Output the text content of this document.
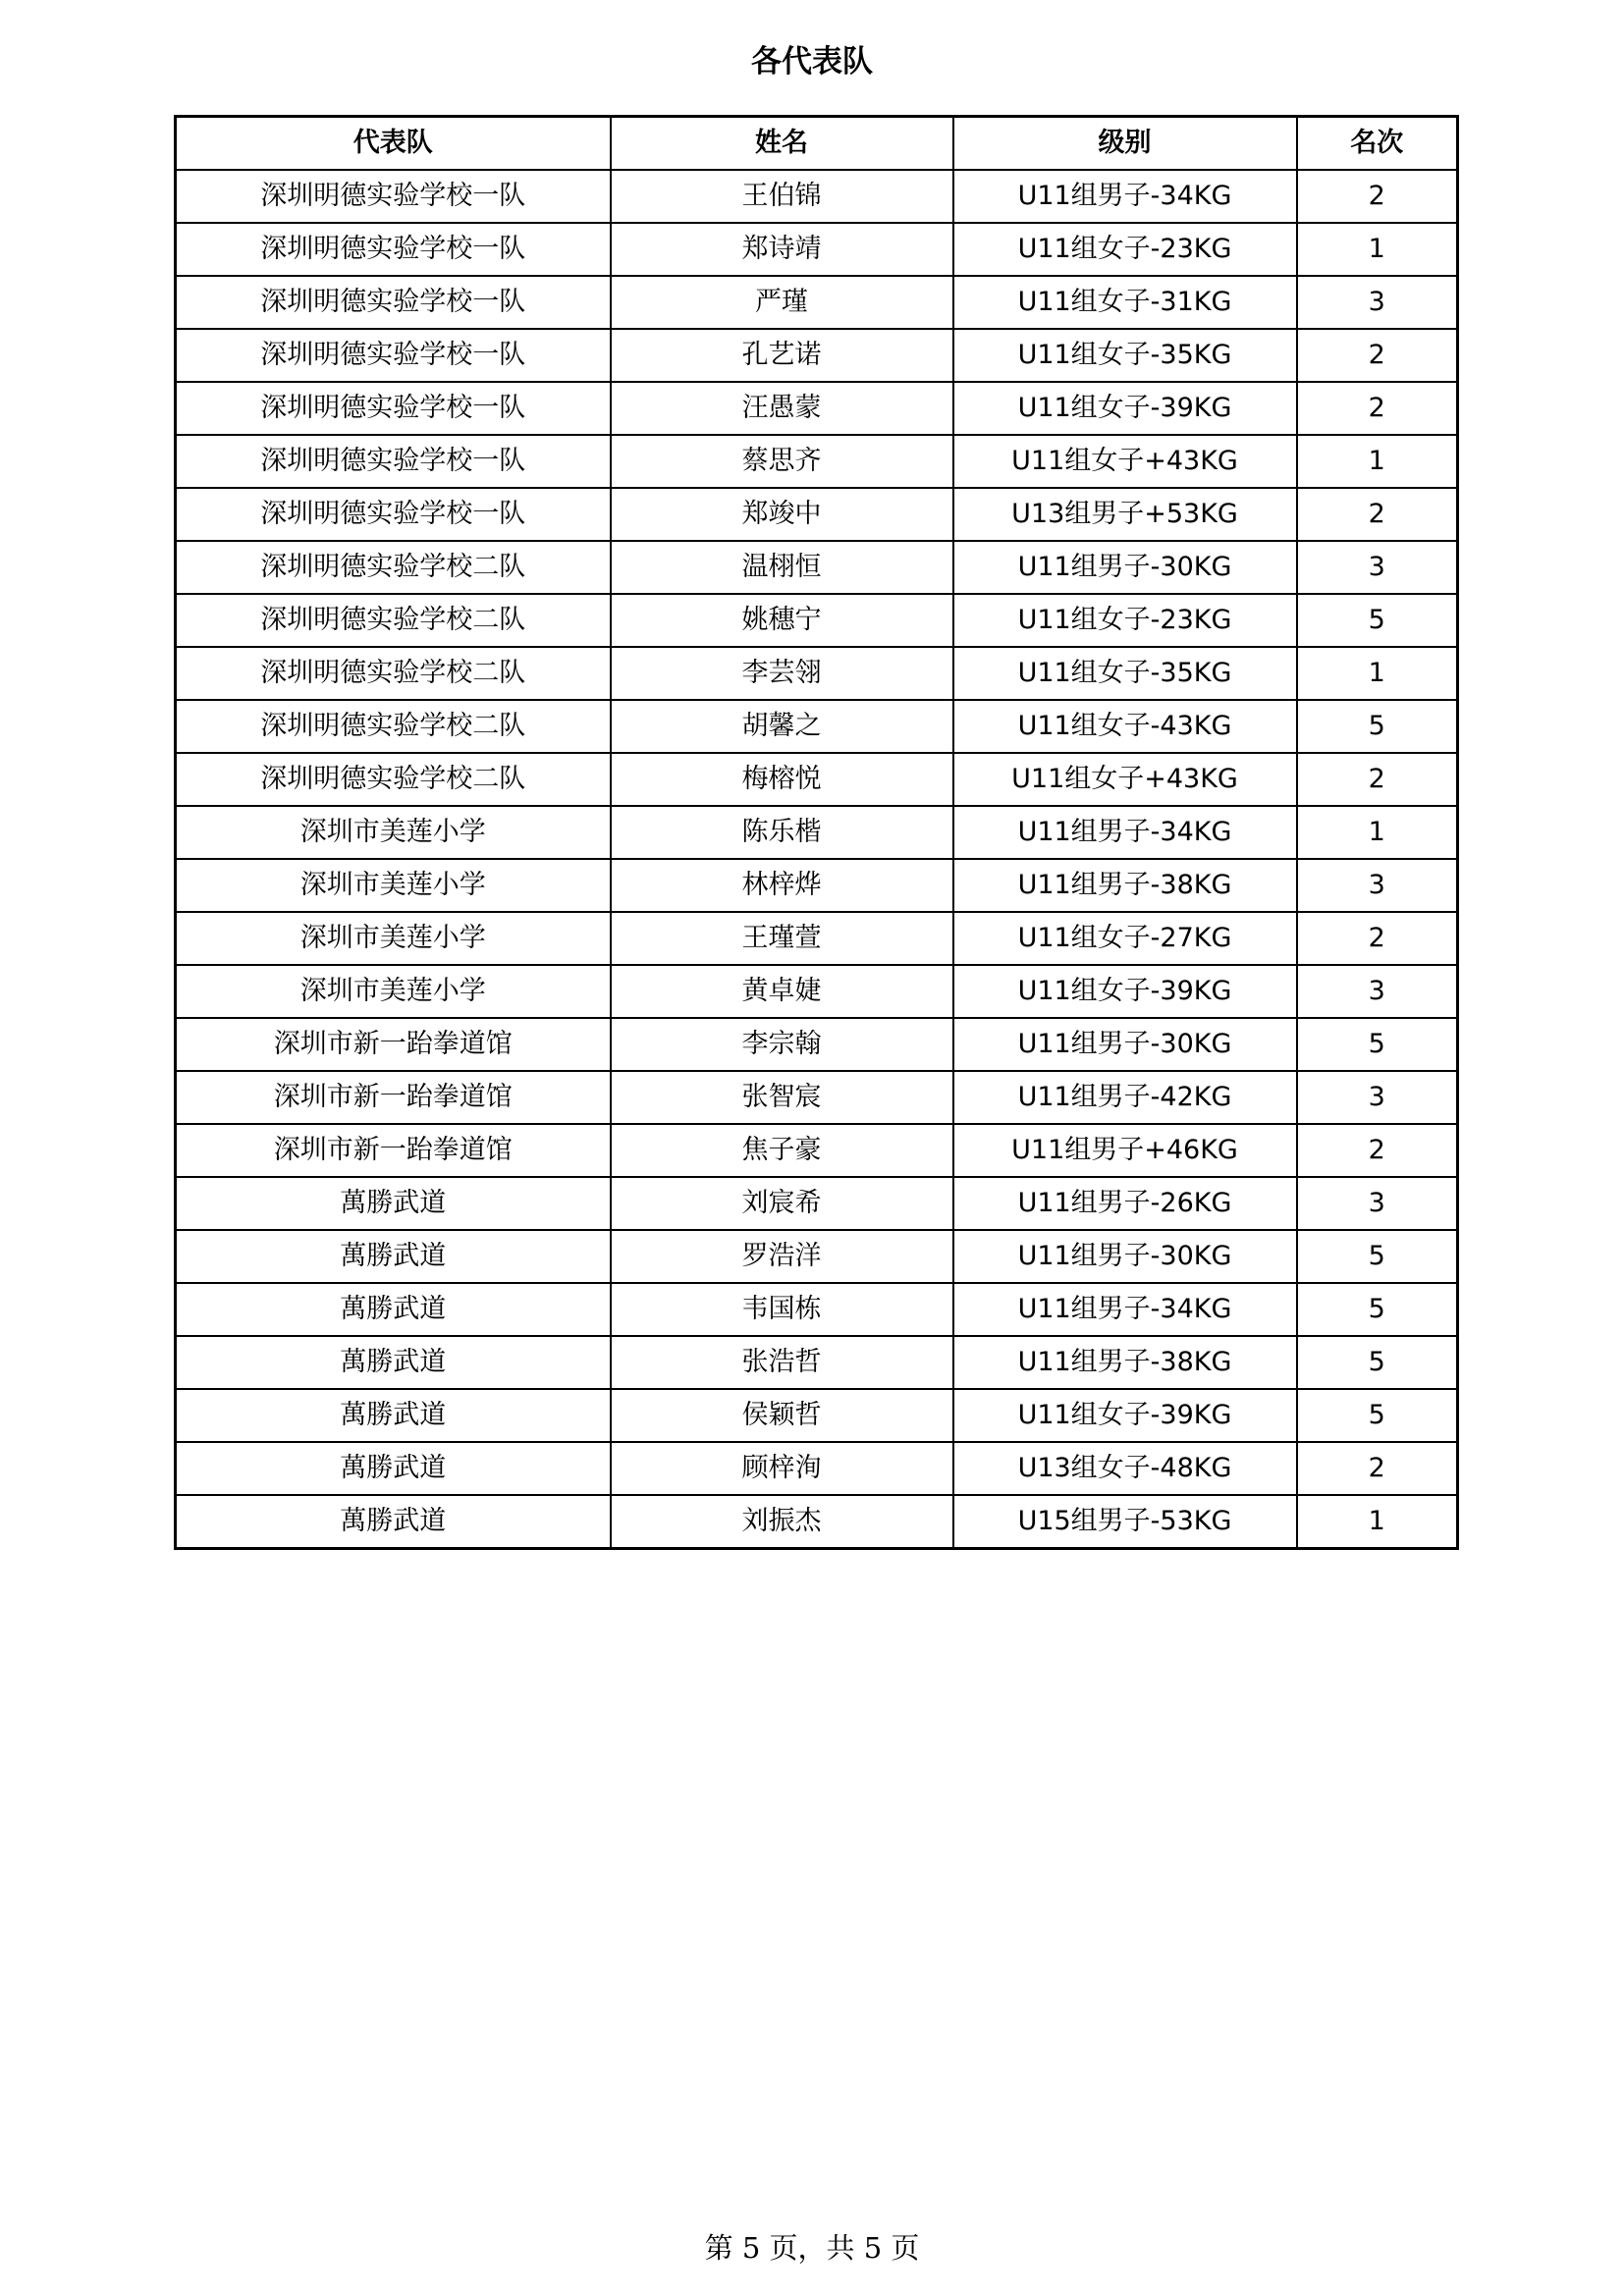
各代表队
代表队	姓名	级别	名次
深圳明德实验学校一队	王伯锦	U11组男子-34KG	2
深圳明德实验学校一队	郑诗靖	U11组女子-23KG	1
深圳明德实验学校一队	严瑾	U11组女子-31KG	3
深圳明德实验学校一队	孔艺诺	U11组女子-35KG	2
深圳明德实验学校一队	汪愚蒙	U11组女子-39KG	2
深圳明德实验学校一队	蔡思齐	U11组女子+43KG	1
深圳明德实验学校一队	郑竣中	U13组男子+53KG	2
深圳明德实验学校二队	温栩恒	U11组男子-30KG	3
深圳明德实验学校二队	姚穗宁	U11组女子-23KG	5
深圳明德实验学校二队	李芸翎	U11组女子-35KG	1
深圳明德实验学校二队	胡馨之	U11组女子-43KG	5
深圳明德实验学校二队	梅榕悦	U11组女子+43KG	2
深圳市美莲小学	陈乐楷	U11组男子-34KG	1
深圳市美莲小学	林梓烨	U11组男子-38KG	3
深圳市美莲小学	王瑾萱	U11组女子-27KG	2
深圳市美莲小学	黄卓婕	U11组女子-39KG	3
深圳市新一跆拳道馆	李宗翰	U11组男子-30KG	5
深圳市新一跆拳道馆	张智宸	U11组男子-42KG	3
深圳市新一跆拳道馆	焦子豪	U11组男子+46KG	2
萬勝武道	刘宸希	U11组男子-26KG	3
萬勝武道	罗浩洋	U11组男子-30KG	5
萬勝武道	韦国栋	U11组男子-34KG	5
萬勝武道	张浩哲	U11组男子-38KG	5
萬勝武道	侯颖哲	U11组女子-39KG	5
萬勝武道	顾梓洵	U13组女子-48KG	2
萬勝武道	刘振杰	U15组男子-53KG	1
第 5 页，共 5 页
